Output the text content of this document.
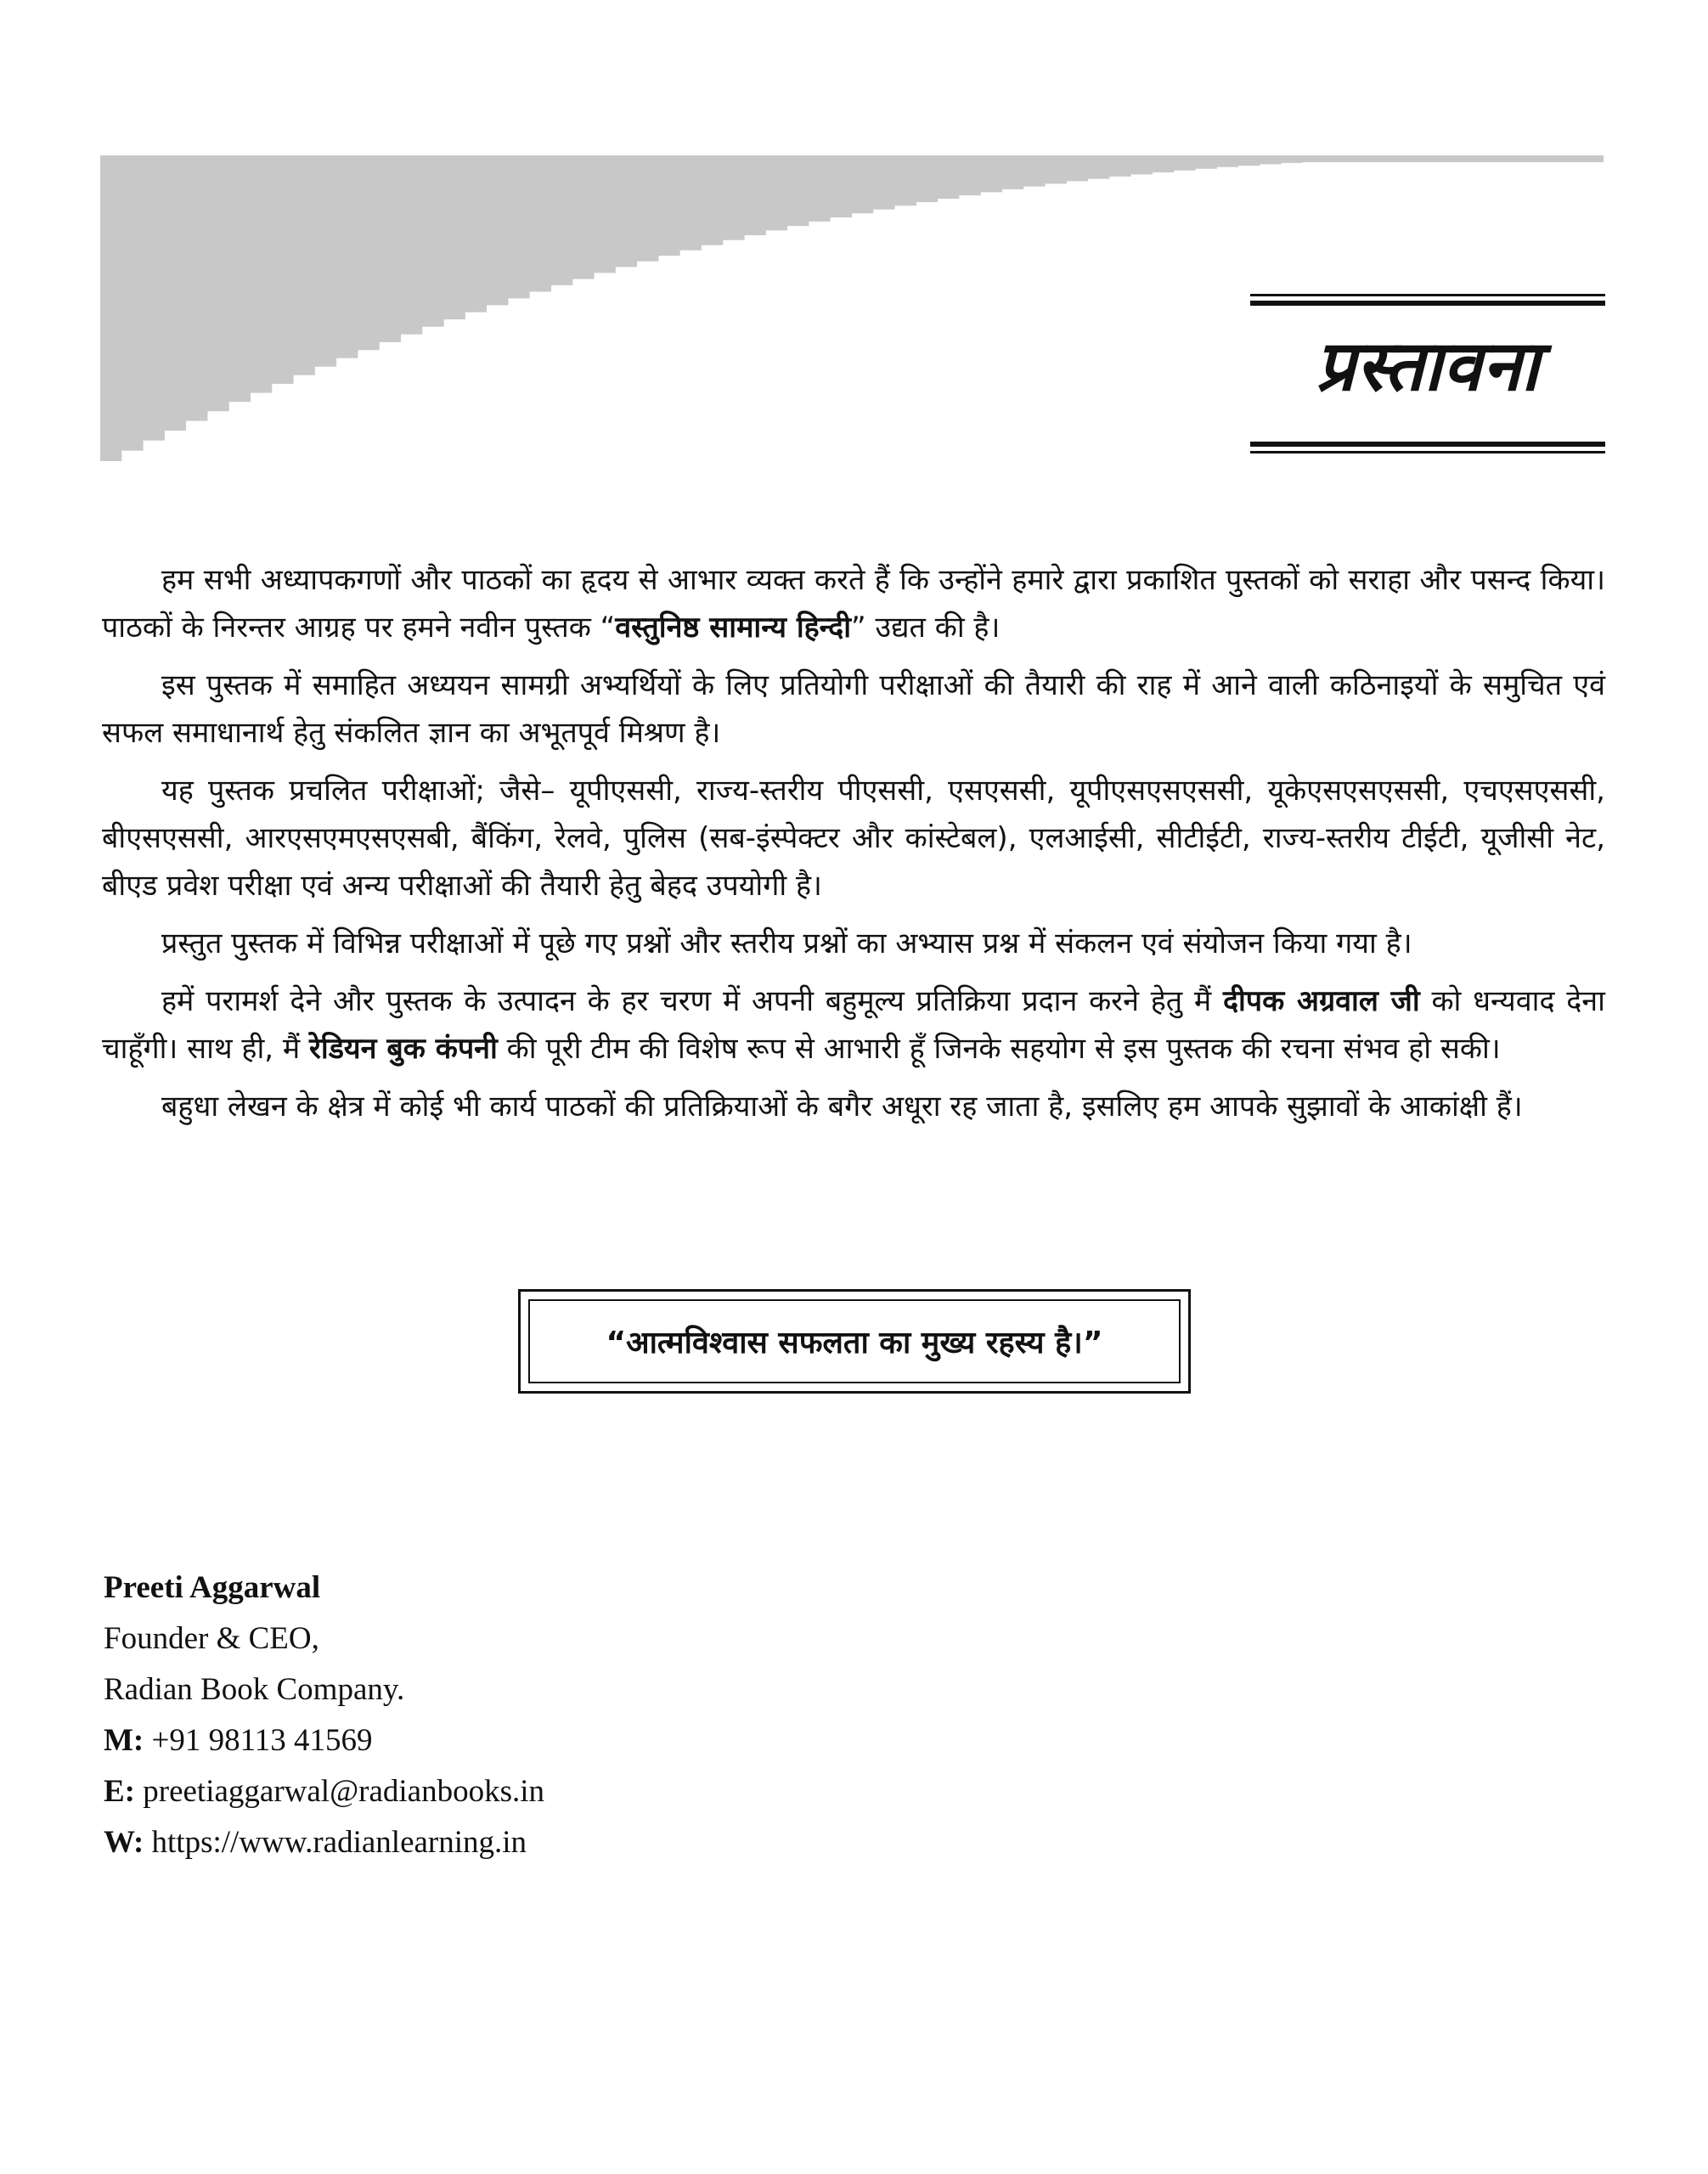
प्रस्तावना

हम सभी अध्यापकगणों और पाठकों का हृदय से आभार व्यक्त करते हैं कि उन्होंने हमारे द्वारा प्रकाशित पुस्तकों को सराहा और पसन्द किया। पाठकों के निरन्तर आग्रह पर हमने नवीन पुस्तक “वस्तुनिष्ठ सामान्य हिन्दी” उद्यत की है।

इस पुस्तक में समाहित अध्ययन सामग्री अभ्यर्थियों के लिए प्रतियोगी परीक्षाओं की तैयारी की राह में आने वाली कठिनाइयों के समुचित एवं सफल समाधानार्थ हेतु संकलित ज्ञान का अभूतपूर्व मिश्रण है।

यह पुस्तक प्रचलित परीक्षाओं; जैसे– यूपीएससी, राज्य-स्तरीय पीएससी, एसएससी, यूपीएसएसएससी, यूकेएसएसएससी, एचएसएससी, बीएसएससी, आरएसएमएसएसबी, बैंकिंग, रेलवे, पुलिस (सब-इंस्पेक्टर और कांस्टेबल), एलआईसी, सीटीईटी, राज्य-स्तरीय टीईटी, यूजीसी नेट, बीएड प्रवेश परीक्षा एवं अन्य परीक्षाओं की तैयारी हेतु बेहद उपयोगी है।

प्रस्तुत पुस्तक में विभिन्न परीक्षाओं में पूछे गए प्रश्नों और स्तरीय प्रश्नों का अभ्यास प्रश्न में संकलन एवं संयोजन किया गया है।

हमें परामर्श देने और पुस्तक के उत्पादन के हर चरण में अपनी बहुमूल्य प्रतिक्रिया प्रदान करने हेतु मैं दीपक अग्रवाल जी को धन्यवाद देना चाहूँगी। साथ ही, मैं रेडियन बुक कंपनी की पूरी टीम की विशेष रूप से आभारी हूँ जिनके सहयोग से इस पुस्तक की रचना संभव हो सकी।

बहुधा लेखन के क्षेत्र में कोई भी कार्य पाठकों की प्रतिक्रियाओं के बगैर अधूरा रह जाता है, इसलिए हम आपके सुझावों के आकांक्षी हैं।

“आत्मविश्वास सफलता का मुख्य रहस्य है।”
Preeti Aggarwal
Founder & CEO,
Radian Book Company.
M: +91 98113 41569
E: preetiaggarwal@radianbooks.in
W: https://www.radianlearning.in
